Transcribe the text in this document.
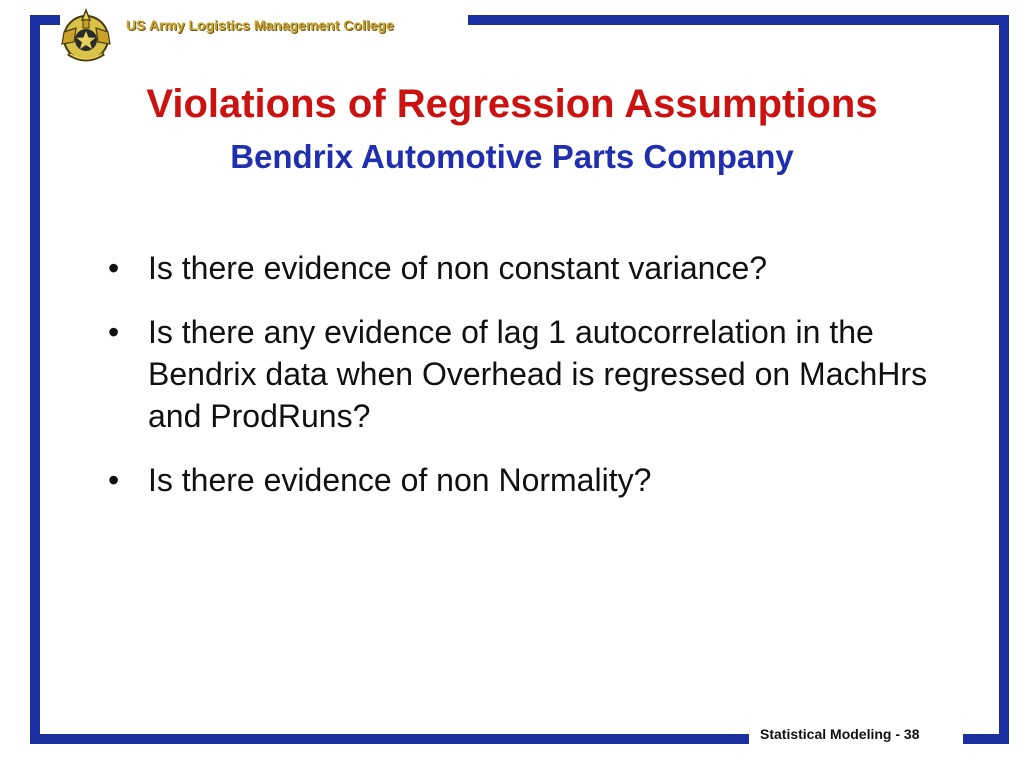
US Army Logistics Management College
Violations of Regression Assumptions
Bendrix Automotive Parts Company
• Is there evidence of non constant variance?
• Is there any evidence of lag 1 autocorrelation in the Bendrix data when Overhead is regressed on MachHrs and ProdRuns?
• Is there evidence of non Normality?
Statistical Modeling - 38
